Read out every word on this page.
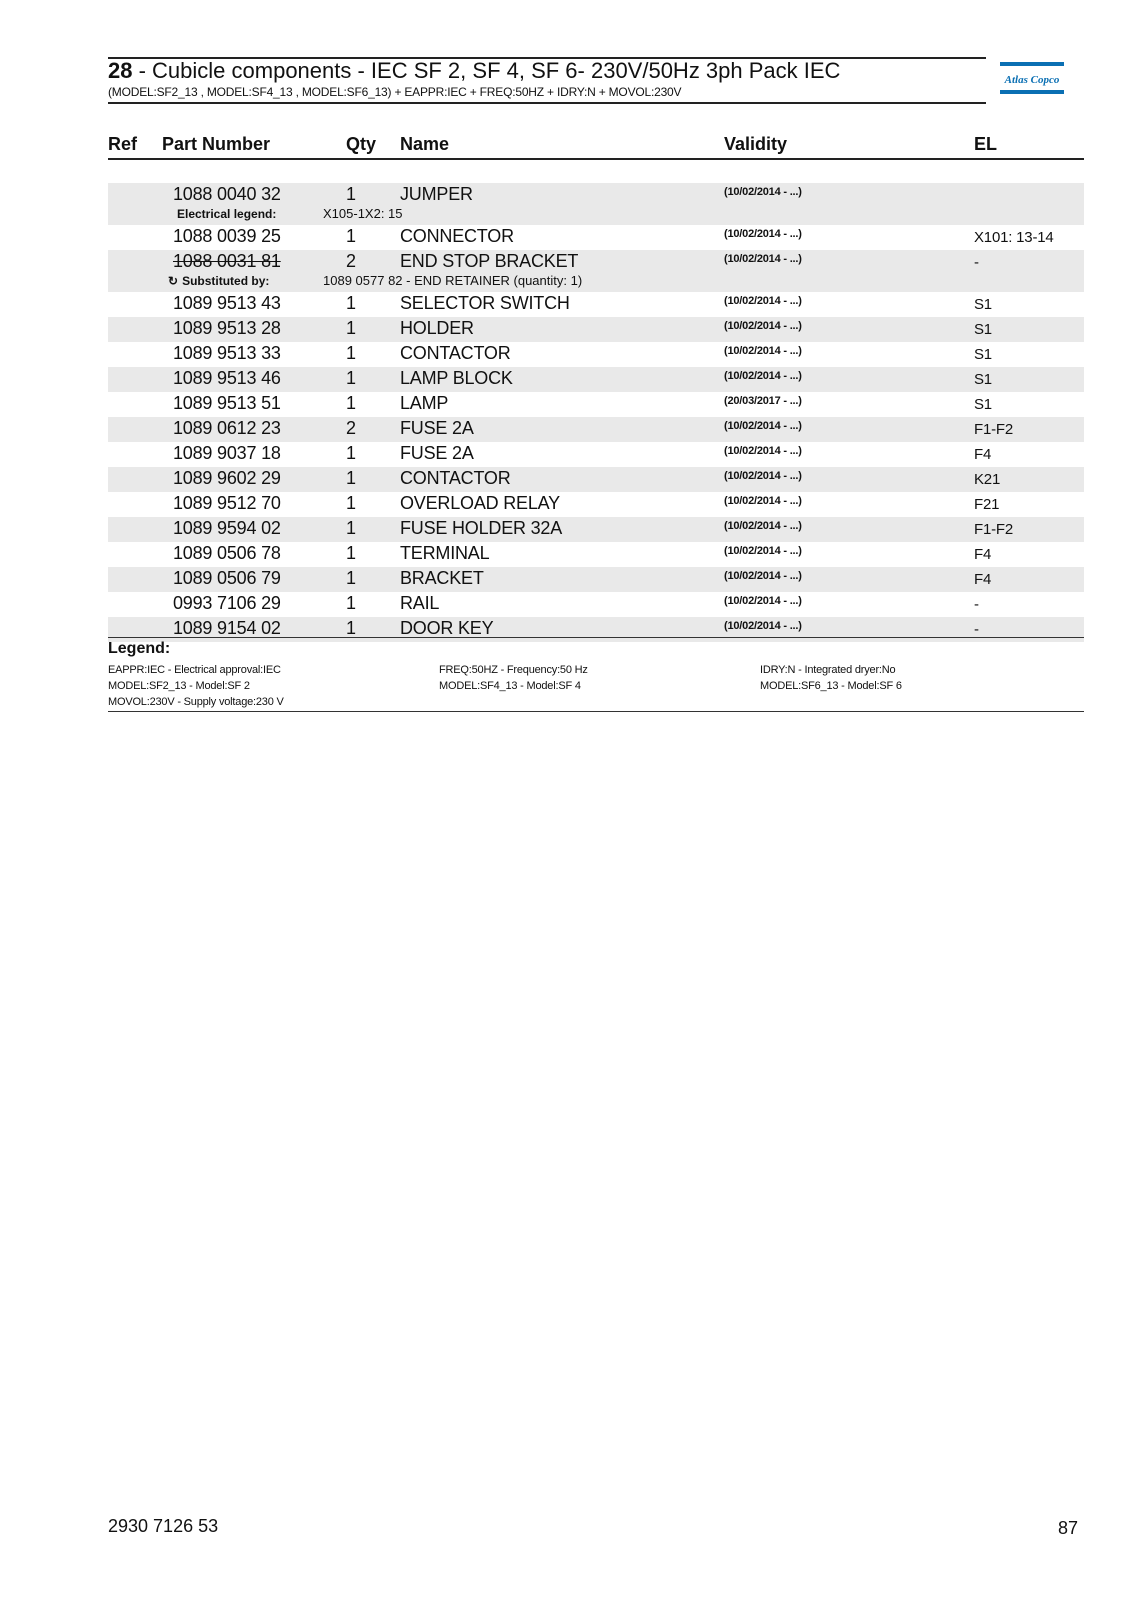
28 - Cubicle components - IEC SF 2, SF 4, SF 6- 230V/50Hz 3ph Pack IEC
(MODEL:SF2_13 , MODEL:SF4_13 , MODEL:SF6_13) + EAPPR:IEC + FREQ:50HZ + IDRY:N + MOVOL:230V
Atlas Copco
Ref Part Number	Qty Name	Validity	EL
1088 0040 32	1 JUMPER	(10/02/2014 - ...)
Electrical legend:	X105-1X2: 15
1088 0039 25	1 CONNECTOR	(10/02/2014 - ...)	X101: 13-14
1088 0031 81	2 END STOP BRACKET	(10/02/2014 - ...)	-
↻ Substituted by:	1089 0577 82 - END RETAINER (quantity: 1)
1089 9513 43	1 SELECTOR SWITCH	(10/02/2014 - ...)	S1
1089 9513 28	1 HOLDER	(10/02/2014 - ...)	S1
1089 9513 33	1 CONTACTOR	(10/02/2014 - ...)	S1
1089 9513 46	1 LAMP BLOCK	(10/02/2014 - ...)	S1
1089 9513 51	1 LAMP	(20/03/2017 - ...)	S1
1089 0612 23	2 FUSE 2A	(10/02/2014 - ...)	F1-F2
1089 9037 18	1 FUSE 2A	(10/02/2014 - ...)	F4
1089 9602 29	1 CONTACTOR	(10/02/2014 - ...)	K21
1089 9512 70	1 OVERLOAD RELAY	(10/02/2014 - ...)	F21
1089 9594 02	1 FUSE HOLDER 32A	(10/02/2014 - ...)	F1-F2
1089 0506 78	1 TERMINAL	(10/02/2014 - ...)	F4
1089 0506 79	1 BRACKET	(10/02/2014 - ...)	F4
0993 7106 29	1 RAIL	(10/02/2014 - ...)	-
1089 9154 02	1 DOOR KEY	(10/02/2014 - ...)	-
Legend:
EAPPR:IEC - Electrical approval:IEC	FREQ:50HZ - Frequency:50 Hz	IDRY:N - Integrated dryer:No
MODEL:SF2_13 - Model:SF 2	MODEL:SF4_13 - Model:SF 4	MODEL:SF6_13 - Model:SF 6
MOVOL:230V - Supply voltage:230 V
2930 7126 53	87
